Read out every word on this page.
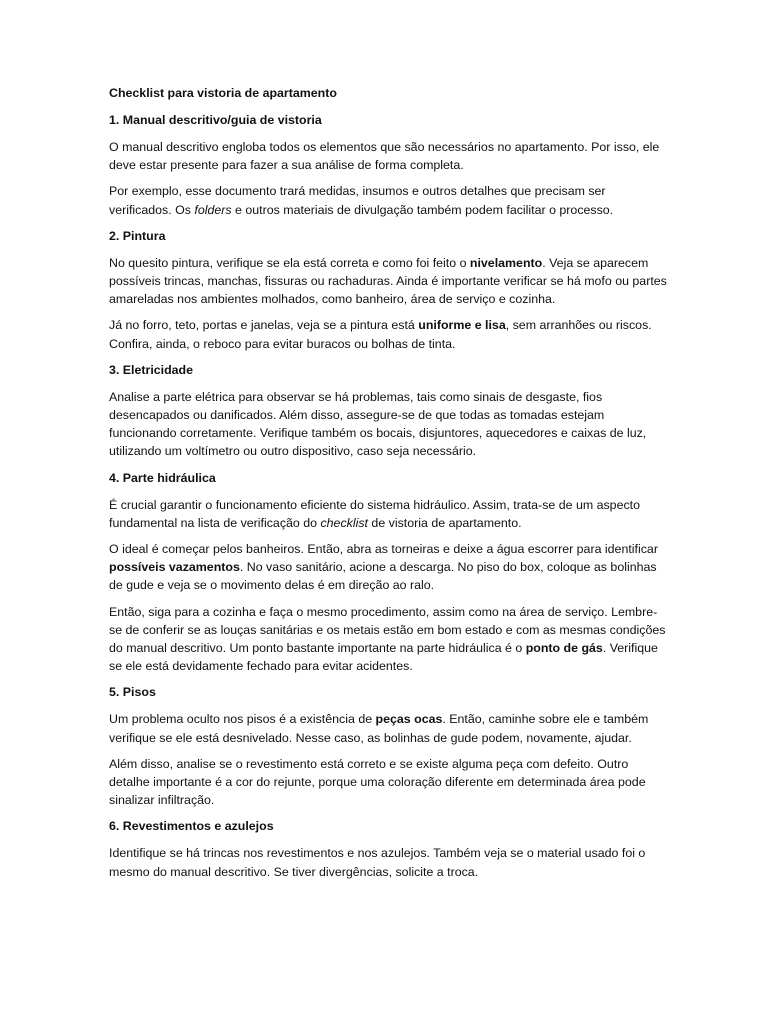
Checklist para vistoria de apartamento
1. Manual descritivo/guia de vistoria

O manual descritivo engloba todos os elementos que são necessários no apartamento. Por isso, ele deve estar presente para fazer a sua análise de forma completa.

Por exemplo, esse documento trará medidas, insumos e outros detalhes que precisam ser verificados. Os folders e outros materiais de divulgação também podem facilitar o processo.

2. Pintura

No quesito pintura, verifique se ela está correta e como foi feito o nivelamento. Veja se aparecem possíveis trincas, manchas, fissuras ou rachaduras. Ainda é importante verificar se há mofo ou partes amareladas nos ambientes molhados, como banheiro, área de serviço e cozinha.

Já no forro, teto, portas e janelas, veja se a pintura está uniforme e lisa, sem arranhões ou riscos. Confira, ainda, o reboco para evitar buracos ou bolhas de tinta.

3. Eletricidade

Analise a parte elétrica para observar se há problemas, tais como sinais de desgaste, fios desencapados ou danificados. Além disso, assegure-se de que todas as tomadas estejam funcionando corretamente. Verifique também os bocais, disjuntores, aquecedores e caixas de luz, utilizando um voltímetro ou outro dispositivo, caso seja necessário.

4. Parte hidráulica

É crucial garantir o funcionamento eficiente do sistema hidráulico. Assim, trata-se de um aspecto fundamental na lista de verificação do checklist de vistoria de apartamento.

O ideal é começar pelos banheiros. Então, abra as torneiras e deixe a água escorrer para identificar possíveis vazamentos. No vaso sanitário, acione a descarga. No piso do box, coloque as bolinhas de gude e veja se o movimento delas é em direção ao ralo.

Então, siga para a cozinha e faça o mesmo procedimento, assim como na área de serviço. Lembre-se de conferir se as louças sanitárias e os metais estão em bom estado e com as mesmas condições do manual descritivo. Um ponto bastante importante na parte hidráulica é o ponto de gás. Verifique se ele está devidamente fechado para evitar acidentes.

5. Pisos

Um problema oculto nos pisos é a existência de peças ocas. Então, caminhe sobre ele e também verifique se ele está desnivelado. Nesse caso, as bolinhas de gude podem, novamente, ajudar.

Além disso, analise se o revestimento está correto e se existe alguma peça com defeito. Outro detalhe importante é a cor do rejunte, porque uma coloração diferente em determinada área pode sinalizar infiltração.

6. Revestimentos e azulejos

Identifique se há trincas nos revestimentos e nos azulejos. Também veja se o material usado foi o mesmo do manual descritivo. Se tiver divergências, solicite a troca.
